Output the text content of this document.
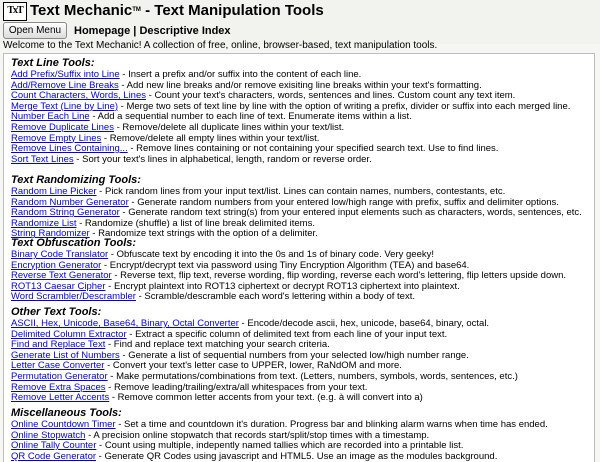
TxT Text Mechanic™ - Text Manipulation Tools
Open Menu	Homepage | Descriptive Index
Welcome to the Text Mechanic! A collection of free, online, browser-based, text manipulation tools.
Text Line Tools:
Add Prefix/Suffix into Line - Insert a prefix and/or suffix into the content of each line.
Add/Remove Line Breaks - Add new line breaks and/or remove exisiting line breaks within your text's formatting.
Count Characters, Words, Lines - Count your text's characters, words, sentences and lines. Custom count any text item.
Merge Text (Line by Line) - Merge two sets of text line by line with the option of writing a prefix, divider or suffix into each merged line.
Number Each Line - Add a sequential number to each line of text. Enumerate items within a list.
Remove Duplicate Lines - Remove/delete all duplicate lines within your text/list.
Remove Empty Lines - Remove/delete all empty lines within your text/list.
Remove Lines Containing... - Remove lines containing or not containing your specified search text. Use to find lines.
Sort Text Lines - Sort your text's lines in alphabetical, length, random or reverse order.
Text Randomizing Tools:
Random Line Picker - Pick random lines from your input text/list. Lines can contain names, numbers, contestants, etc.
Random Number Generator - Generate random numbers from your entered low/high range with prefix, suffix and delimiter options.
Random String Generator - Generate random text string(s) from your entered input elements such as characters, words, sentences, etc.
Randomize List - Randomize (shuffle) a list of line break delimited items.
String Randomizer - Randomize text strings with the option of a delimiter.
Text Obfuscation Tools:
Binary Code Translator - Obfuscate text by encoding it into the 0s and 1s of binary code. Very geeky!
Encryption Generator - Encrypt/decrypt text via password using Tiny Encryption Algorithm (TEA) and base64.
Reverse Text Generator - Reverse text, flip text, reverse wording, flip wording, reverse each word's lettering, flip letters upside down.
ROT13 Caesar Cipher - Encrypt plaintext into ROT13 ciphertext or decrypt ROT13 ciphertext into plaintext.
Word Scrambler/Descrambler - Scramble/descramble each word's lettering within a body of text.
Other Text Tools:
ASCII, Hex, Unicode, Base64, Binary, Octal Converter - Encode/decode ascii, hex, unicode, base64, binary, octal.
Delimited Column Extractor - Extract a specific column of delimited text from each line of your input text.
Find and Replace Text - Find and replace text matching your search criteria.
Generate List of Numbers - Generate a list of sequential numbers from your selected low/high number range.
Letter Case Converter - Convert your text's letter case to UPPER, lower, RaNdOM and more.
Permutation Generator - Make permutations/combinations from text. (Letters, numbers, symbols, words, sentences, etc.)
Remove Extra Spaces - Remove leading/trailing/extra/all whitespaces from your text.
Remove Letter Accents - Remove common letter accents from your text. (e.g. à will convert into a)
Miscellaneous Tools:
Online Countdown Timer - Set a time and countdown it's duration. Progress bar and blinking alarm warns when time has ended.
Online Stopwatch - A precision online stopwatch that records start/split/stop times with a timestamp.
Online Tally Counter - Count using multiple, indepently named tallies which are recorded into a printable list.
QR Code Generator - Generate QR Codes using javascript and HTML5. Use an image as the modules background.
